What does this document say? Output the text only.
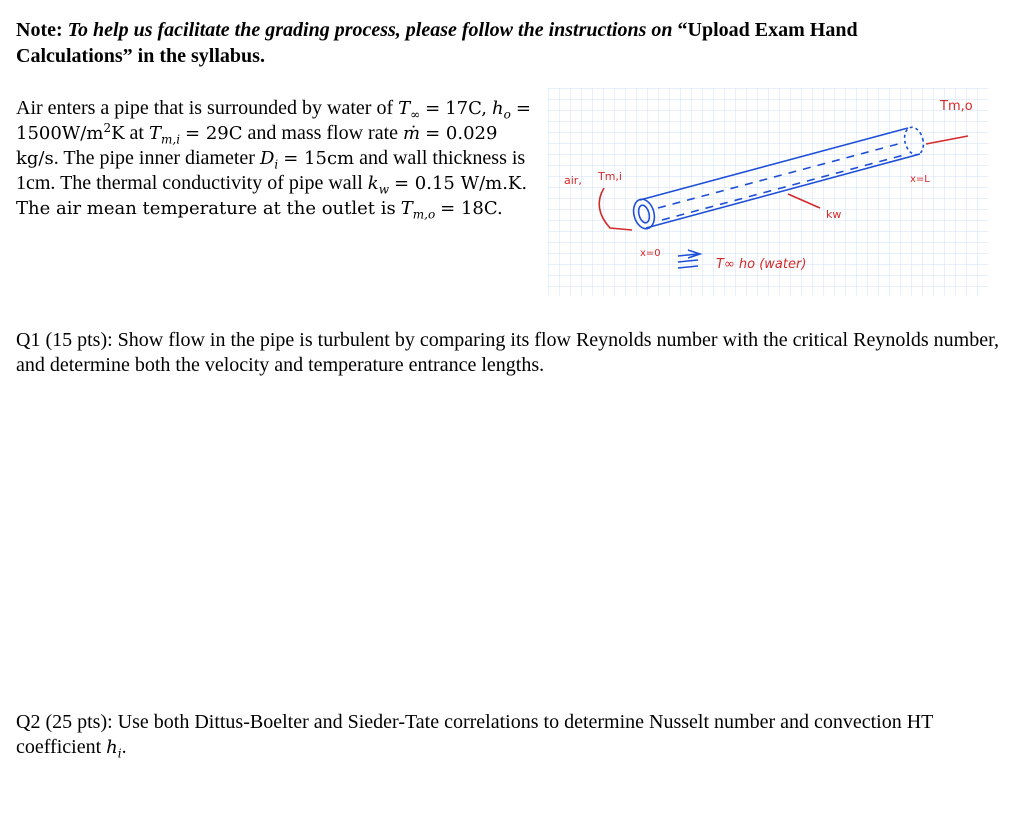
Note: To help us facilitate the grading process, please follow the instructions on “Upload Exam Hand Calculations” in the syllabus.
Air enters a pipe that is surrounded by water of $T_\infty = 17C$, $h_o = 1500W/m^2K$ at $T_{m,i} = 29C$ and mass flow rate ṁ = 0.029 kg/s. The pipe inner diameter $D_i = 15cm$ and wall thickness is 1cm. The thermal conductivity of pipe wall $k_w = 0.15$ W/m.K. The air mean temperature at the outlet is $T_{m,o} = 18C$.
air, Tm,i
Tm,o
kw
x=0
x=L
T∞ ho (water)
Q1 (15 pts): Show flow in the pipe is turbulent by comparing its flow Reynolds number with the critical Reynolds number, and determine both the velocity and temperature entrance lengths.
Q2 (25 pts): Use both Dittus-Boelter and Sieder-Tate correlations to determine Nusselt number and convection HT coefficient $h_i$.
